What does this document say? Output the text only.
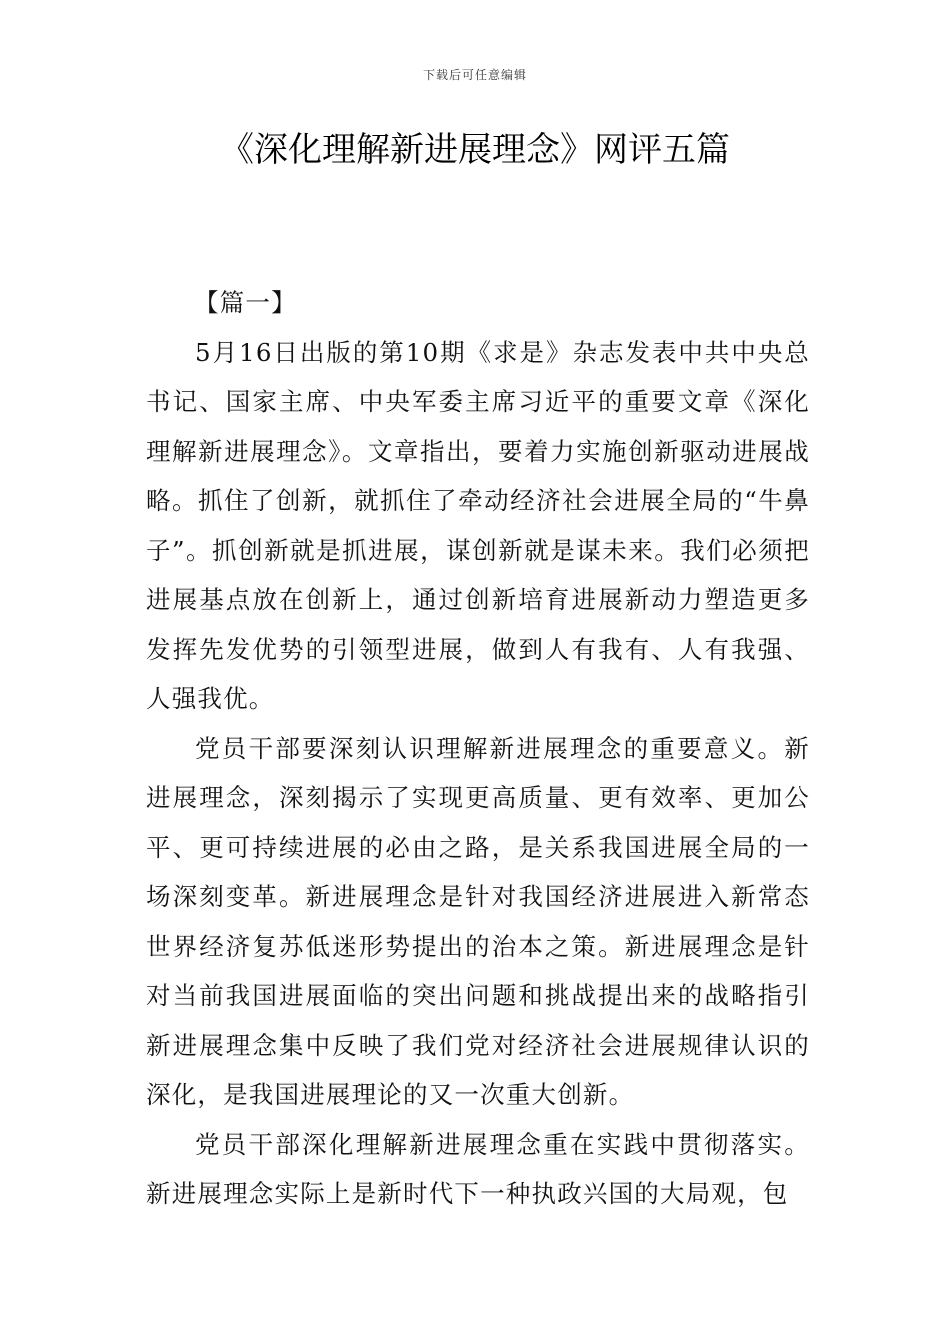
下载后可任意编辑
《深化理解新进展理念》网评五篇

【篇一】

5月16日出版的第10期《求是》杂志发表中共中央总书记、国家主席、中央军委主席习近平的重要文章《深化理解新进展理念》。文章指出，要着力实施创新驱动进展战略。抓住了创新，就抓住了牵动经济社会进展全局的“牛鼻子”。抓创新就是抓进展，谋创新就是谋未来。我们必须把进展基点放在创新上，通过创新培育进展新动力塑造更多发挥先发优势的引领型进展，做到人有我有、人有我强、人强我优。

党员干部要深刻认识理解新进展理念的重要意义。新进展理念，深刻揭示了实现更高质量、更有效率、更加公平、更可持续进展的必由之路，是关系我国进展全局的一场深刻变革。新进展理念是针对我国经济进展进入新常态世界经济复苏低迷形势提出的治本之策。新进展理念是针对当前我国进展面临的突出问题和挑战提出来的战略指引新进展理念集中反映了我们党对经济社会进展规律认识的深化，是我国进展理论的又一次重大创新。

党员干部深化理解新进展理念重在实践中贯彻落实。新进展理念实际上是新时代下一种执政兴国的大局观，包
